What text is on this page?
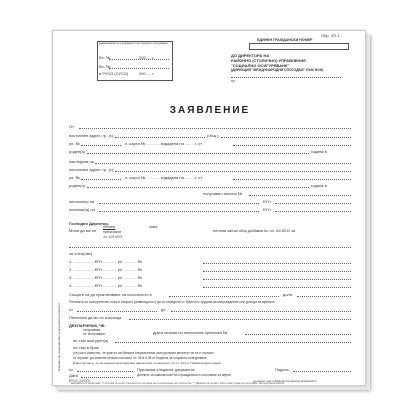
(наименование на учреждението на социалното осигуряване)
Вх. №	200 .... г.
Вх. №
в РУСО (СУСО)	200 .... г.
Обр. УП-1
ЕДИНЕН ГРАЖДАНСКИ НОМЕР
ДО ДИРЕКТОРА НА
РАЙОННО (СТОЛИЧНО) УПРАВЛЕНИЕ
"СОЦИАЛНО ОСИГУРЯВАНЕ"
(ДИРЕКЦИЯ "МЕЖДУНАРОДНИ СПОГОДБИ" КЪМ НОИ)
гр.
ЗАЯВЛЕНИЕ
От
постоянен адрес: гр. (с)	(общ.)
ул. №	л. карта № ............ издадена на ........ г. от
роден(а)	година в
наследник на
постоянен адрес: гр. (с)
ул. №	л. карта № ............ издадена на ........ г. от
роден(а)	година в
получавал пенсия №
пенсионер на	ЕГН
починал(а) на	ЕГН
Господин Директор,
Моля да ми се
отпусне
преизчисли
нов/а
чл. 102 КСО
пенсия за/на/ общ добавка по чл. 84 КСО за
за член(ове)
1. .................. ЕГН ............ ул. ........... №
2. .................. ЕГН ............ ул. ........... №
3. .................. ЕГН ............ ул. ........... №
4. .................. ЕГН ............ ул. ........... №
Същите са до приключване на посоченото в	до/от
Пенсията за осигурителен стаж и възраст (инвалидност) да се определи от брутното трудово възнаграждение или дохода за времето
от	до
Пенсията да ми се изплаща
ДЕКЛАРИРАМ, ЧЕ:
получавам
не получавам	друга пенсия по пенсионна преписка №
не съм осигурен(а)
не съм в брак
(не) ми е известно, че фактът на банката Националния осигурителен институт не се е отразил
се отразят, да започне пенсия съгласно чл. 96 а и 98 от Кодекса за социално осигуряване
Известно ми е, че за неверни декларирани данни нося отговорност по чл. 313 от Наказателния кодекс
гр.	Прилагам следните документи:	Подпис:
Дата	Данните за самоличността и гражданското състояние са верни
РУСО (СУСО)	(длъжност, име и фамилия на приелия заявлението)
Издание на Националния осигурителен институт
* Ненужното се зачертава. * Попълва се когато пенсията се изплаща на пълномощник или попечител. ** Данните за лицата, които имат право да получават наследствена пенсия.
